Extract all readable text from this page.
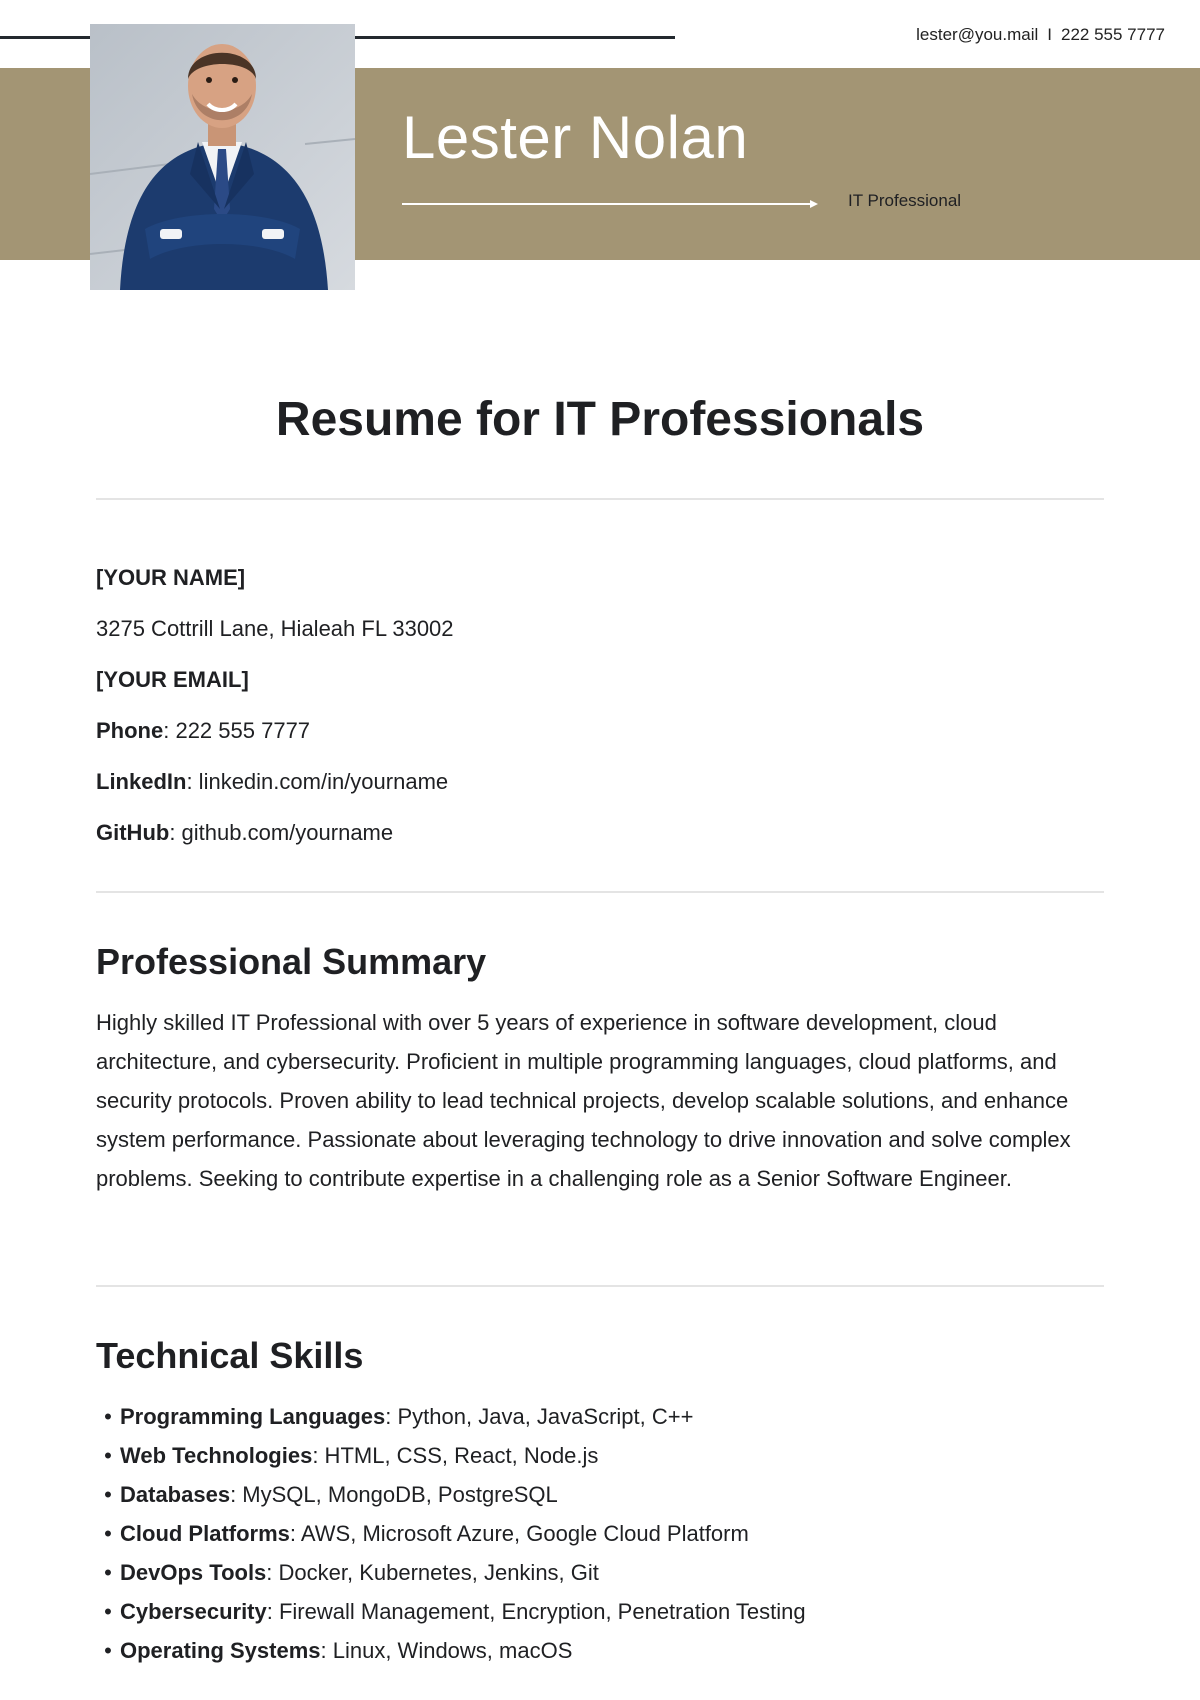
lester@you.mail I 222 555 7777
Lester Nolan
IT Professional
Resume for IT Professionals
[YOUR NAME]
3275 Cottrill Lane, Hialeah FL 33002
[YOUR EMAIL]
Phone: 222 555 7777
LinkedIn: linkedin.com/in/yourname
GitHub: github.com/yourname
Professional Summary
Highly skilled IT Professional with over 5 years of experience in software development, cloud architecture, and cybersecurity. Proficient in multiple programming languages, cloud platforms, and security protocols. Proven ability to lead technical projects, develop scalable solutions, and enhance system performance. Passionate about leveraging technology to drive innovation and solve complex problems. Seeking to contribute expertise in a challenging role as a Senior Software Engineer.
Technical Skills
• Programming Languages: Python, Java, JavaScript, C++
• Web Technologies: HTML, CSS, React, Node.js
• Databases: MySQL, MongoDB, PostgreSQL
• Cloud Platforms: AWS, Microsoft Azure, Google Cloud Platform
• DevOps Tools: Docker, Kubernetes, Jenkins, Git
• Cybersecurity: Firewall Management, Encryption, Penetration Testing
• Operating Systems: Linux, Windows, macOS
